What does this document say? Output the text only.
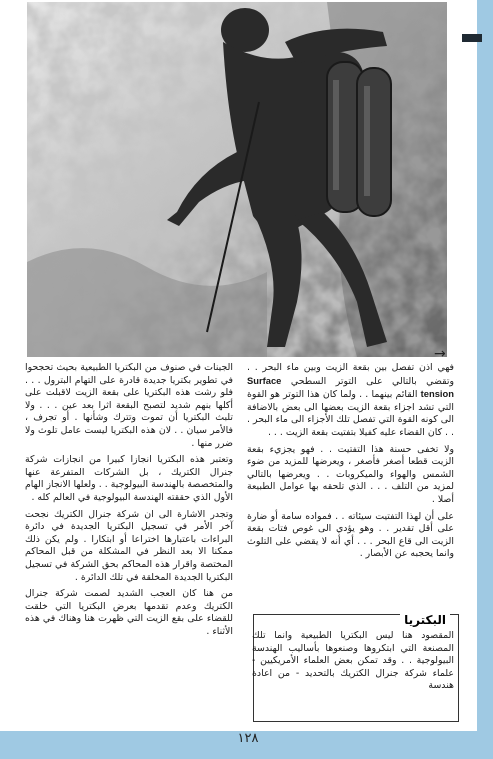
→

فهي اذن تفصل بين بقعة الزيت وبين ماء البحر . . وتقضي بالتالي على التوتر السطحي Surface tension القائم بينهما . . ولما كان هذا التوتر هو القوة التي تشد اجزاء بقعة الزيت بعضها الى بعض بالاضافة الى كونه القوة التي تفصل تلك الأجزاء الى ماء البحر . . . كان القضاء عليه كفيلا بتفتيت بقعة الزيت . . .

ولا تخفى حسنة هذا التفتيت . . فهو يجزيء بقعة الزيت قطعا أصغر فأصغر ، ويعرضها للمزيد من ضوء الشمس والهواء والميكروبات . . ويعرضها بالتالي لمزيد من التلف . . . الذي تلحقه بها عوامل الطبيعة أصلا .

على أن لهذا التفتيت سيئاته . . فمواده سامة أو ضارة على أقل تقدير . . وهو يؤدي الى غوص فتات بقعة الزيت الى قاع البحر . . . أي أنه لا يقضي على التلوث وانما يحجبه عن الأبصار .

البكتريا
المقصود هنا ليس البكتريا الطبيعية وانما تلك المصنعة التي ابتكروها وصنعوها بأساليب الهندسة البيولوجية . . وقد تمكن بعض العلماء الأمريكيين - علماء شركة جنرال الكتريك بالتحديد - من اعادة هندسة

الجينات في صنوف من البكتريا الطبيعية بحيث تحجحوا في تطوير بكتريا جديدة قادرة على التهام البترول . . . فلو رشت هذه البكتريا على بقعة الزيت لاقبلت على أكلها بنهم شديد لتصبح البقعة اثرا بعد عين . . . ولا تلبث البكتريا أن تموت وتترك وشأنها . أو تجرف ، فالأمر سيان . . لان هذه البكتريا ليست عامل تلوث ولا ضرر منها .

وتعتبر هذه البكتريا انجازا كبيرا من انجازات شركة جنرال الكتريك ، بل الشركات المتفرعة عنها والمتخصصة بالهندسة البيولوجية . . ولعلها الانجاز الهام الأول الذي حققته الهندسة البيولوجية في العالم كله .

وتجدر الاشارة الى ان شركة جنرال الكتريك نجحت آخر الأمر في تسجيل البكتريا الجديدة في دائرة البراءات باعتبارها اختراعا أو ابتكارا . ولم يكن ذلك ممكنا الا بعد النظر في المشكلة من قبل المحاكم المختصة واقرار هذه المحاكم بحق الشركة في تسجيل البكتريا الجديدة المخلقة في تلك الدائرة .

من هنا كان العجب الشديد لصمت شركة جنرال الكتريك وعدم تقدمها بعرض البكتريا التي خلقت للقضاء على بقع الزيت التي ظهرت هنا وهناك في هذه الأثناء .

١٢٨
